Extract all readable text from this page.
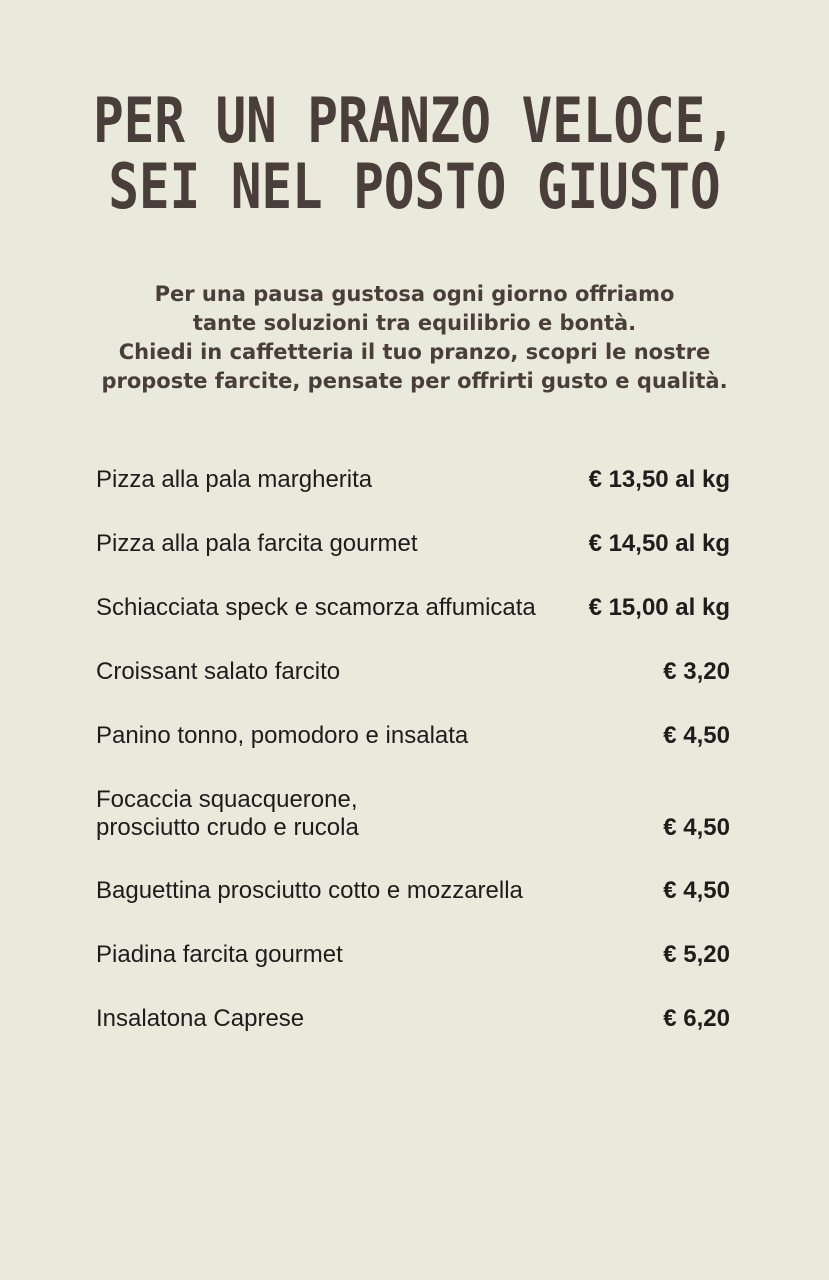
PER UN PRANZO VELOCE,
SEI NEL POSTO GIUSTO

Per una pausa gustosa ogni giorno offriamo
tante soluzioni tra equilibrio e bontà.
Chiedi in caffetteria il tuo pranzo, scopri le nostre
proposte farcite, pensate per offrirti gusto e qualità.

Pizza alla pala margherita	€ 13,50 al kg
Pizza alla pala farcita gourmet	€ 14,50 al kg
Schiacciata speck e scamorza affumicata € 15,00 al kg
Croissant salato farcito	€ 3,20
Panino tonno, pomodoro e insalata	€ 4,50
Focaccia squacquerone,
prosciutto crudo e rucola	€ 4,50
Baguettina prosciutto cotto e mozzarella	€ 4,50
Piadina farcita gourmet	€ 5,20
Insalatona Caprese	€ 6,20
